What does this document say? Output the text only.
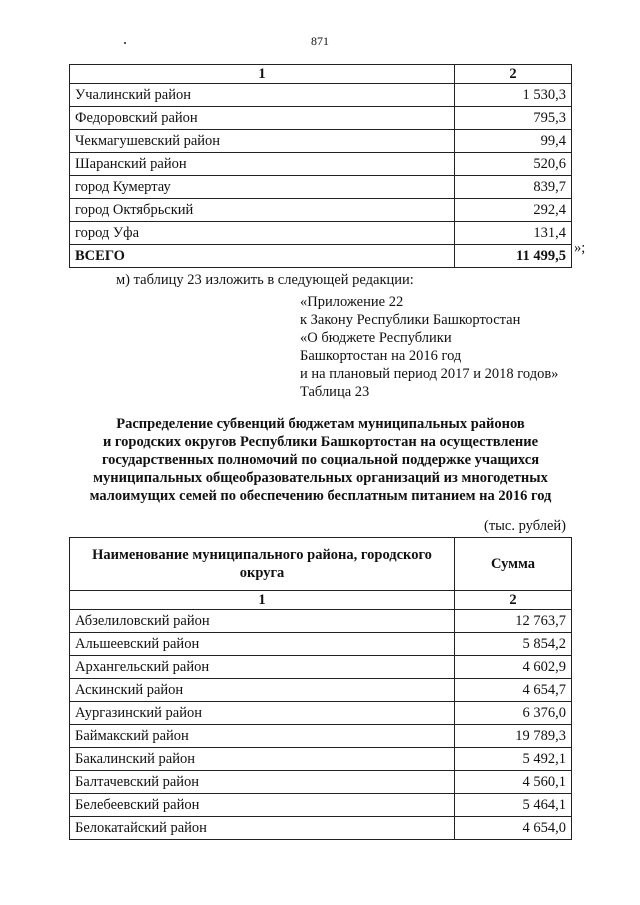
871
1	2
Учалинский район	1 530,3
Федоровский район	795,3
Чекмагушевский район	99,4
Шаранский район	520,6
город Кумертау	839,7
город Октябрьский	292,4
город Уфа	131,4
ВСЕГО	11 499,5 »;
м) таблицу 23 изложить в следующей редакции:
«Приложение 22
к Закону Республики Башкортостан
«О бюджете Республики
Башкортостан на 2016 год
и на плановый период 2017 и 2018 годов»
Таблица 23
Распределение субвенций бюджетам муниципальных районов
и городских округов Республики Башкортостан на осуществление
государственных полномочий по социальной поддержке учащихся
муниципальных общеобразовательных организаций из многодетных
малоимущих семей по обеспечению бесплатным питанием на 2016 год
(тыс. рублей)
Наименование муниципального района, городского округа	Сумма
1	2
Абзелиловский район	12 763,7
Альшеевский район	5 854,2
Архангельский район	4 602,9
Аскинский район	4 654,7
Аургазинский район	6 376,0
Баймакский район	19 789,3
Бакалинский район	5 492,1
Балтачевский район	4 560,1
Белебеевский район	5 464,1
Белокатайский район	4 654,0
